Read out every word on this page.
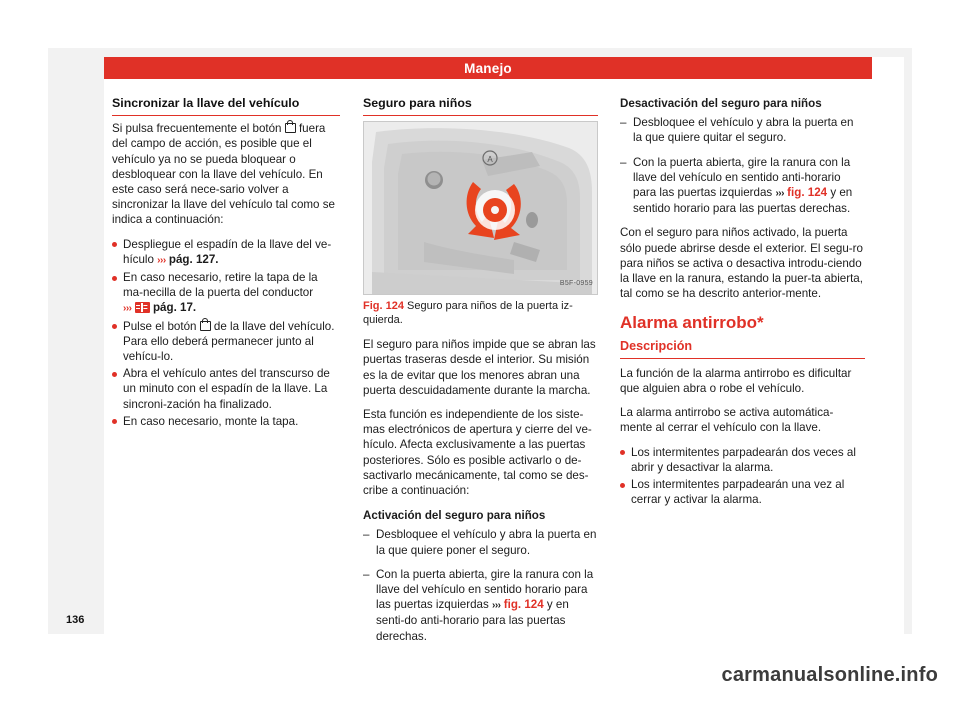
Manejo
136
Sincronizar la llave del vehículo

Si pulsa frecuentemente el botón  fuera del campo de acción, es posible que el vehículo ya no se pueda bloquear o desbloquear con la llave del vehículo. En este caso será nece-sario volver a sincronizar la llave del vehículo tal como se indica a continuación:

Despliegue el espadín de la llave del ve-hículo ››› pág. 127.
En caso necesario, retire la tapa de la ma-necilla de la puerta del conductor
››› pág. 17.
Pulse el botón  de la llave del vehículo. Para ello deberá permanecer junto al vehícu-lo.
Abra el vehículo antes del transcurso de un minuto con el espadín de la llave. La sincroni-zación ha finalizado.
En caso necesario, monte la tapa.
Seguro para niños
A
B5F-0959
Fig. 124 Seguro para niños de la puerta iz-quierda.

El seguro para niños impide que se abran las puertas traseras desde el interior. Su misión es la de evitar que los menores abran una puerta descuidadamente durante la marcha.

Esta función es independiente de los siste-mas electrónicos de apertura y cierre del ve-hículo. Afecta exclusivamente a las puertas posteriores. Sólo es posible activarlo o de-sactivarlo mecánicamente, tal como se des-cribe a continuación:

Activación del seguro para niños
– Desbloquee el vehículo y abra la puerta en la que quiere poner el seguro.
– Con la puerta abierta, gire la ranura con la llave del vehículo en sentido horario para las puertas izquierdas ››› fig. 124 y en senti-do anti-horario para las puertas derechas.
Desactivación del seguro para niños
– Desbloquee el vehículo y abra la puerta en la que quiere quitar el seguro.
– Con la puerta abierta, gire la ranura con la llave del vehículo en sentido anti-horario para las puertas izquierdas ››› fig. 124 y en sentido horario para las puertas derechas.

Con el seguro para niños activado, la puerta sólo puede abrirse desde el exterior. El segu-ro para niños se activa o desactiva introdu-ciendo la llave en la ranura, estando la puer-ta abierta, tal como se ha descrito anterior-mente.

Alarma antirrobo*
Descripción

La función de la alarma antirrobo es dificultar que alguien abra o robe el vehículo.

La alarma antirrobo se activa automática-mente al cerrar el vehículo con la llave.

Los intermitentes parpadearán dos veces al abrir y desactivar la alarma.
Los intermitentes parpadearán una vez al cerrar y activar la alarma.
carmanualsonline.info
